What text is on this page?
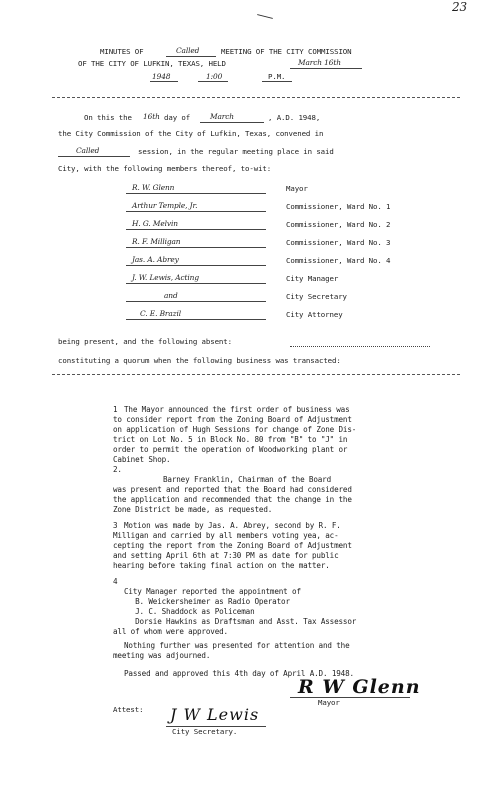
23
MINUTES OF	Called	MEETING OF THE CITY COMMISSION
OF THE CITY OF LUFKIN, TEXAS, HELD	March 16th
1948	1:00	P.M.
On this the 16th day of	March	, A.D. 1948,
the City Commission of the City of Lufkin, Texas, convened in
Called	session, in the regular meeting place in said
City, with the following members thereof, to-wit:
R. W. Glenn	Mayor
Arthur Temple, Jr.	Commissioner, Ward No. 1
H. G. Melvin	Commissioner, Ward No. 2
R. F. Milligan	Commissioner, Ward No. 3
Jas. A. Abrey	Commissioner, Ward No. 4
J. W. Lewis, Acting	City Manager
and	City Secretary
C. E. Brazil	City Attorney
being present, and the following absent:
constituting a quorum when the following business was transacted:
1 The Mayor announced the first order of business was
to consider report from the Zoning Board of Adjustment
on application of Hugh Sessions for change of Zone Dis-
trict on Lot No. 5 in Block No. 80 from "B" to "J" in
order to permit the operation of Woodworking plant or
Cabinet Shop.
2.
Barney Franklin, Chairman of the Board
was present and reported that the Board had considered
the application and recommended that the change in the
Zone District be made, as requested.
3 Motion was made by Jas. A. Abrey, second by R. F.
Milligan and carried by all members voting yea, ac-
cepting the report from the Zoning Board of Adjustment
and setting April 6th at 7:30 PM as date for public
hearing before taking final action on the matter.
4
City Manager reported the appointment of
B. Weickersheimer as Radio Operator
J. C. Shaddock as Policeman
Dorsie Hawkins as Draftsman and Asst. Tax Assessor
all of whom were approved.
Nothing further was presented for attention and the
meeting was adjourned.
Passed and approved this 4th day of April A.D. 1948.
R W Glenn
Mayor
Attest: J W Lewis
City Secretary.
